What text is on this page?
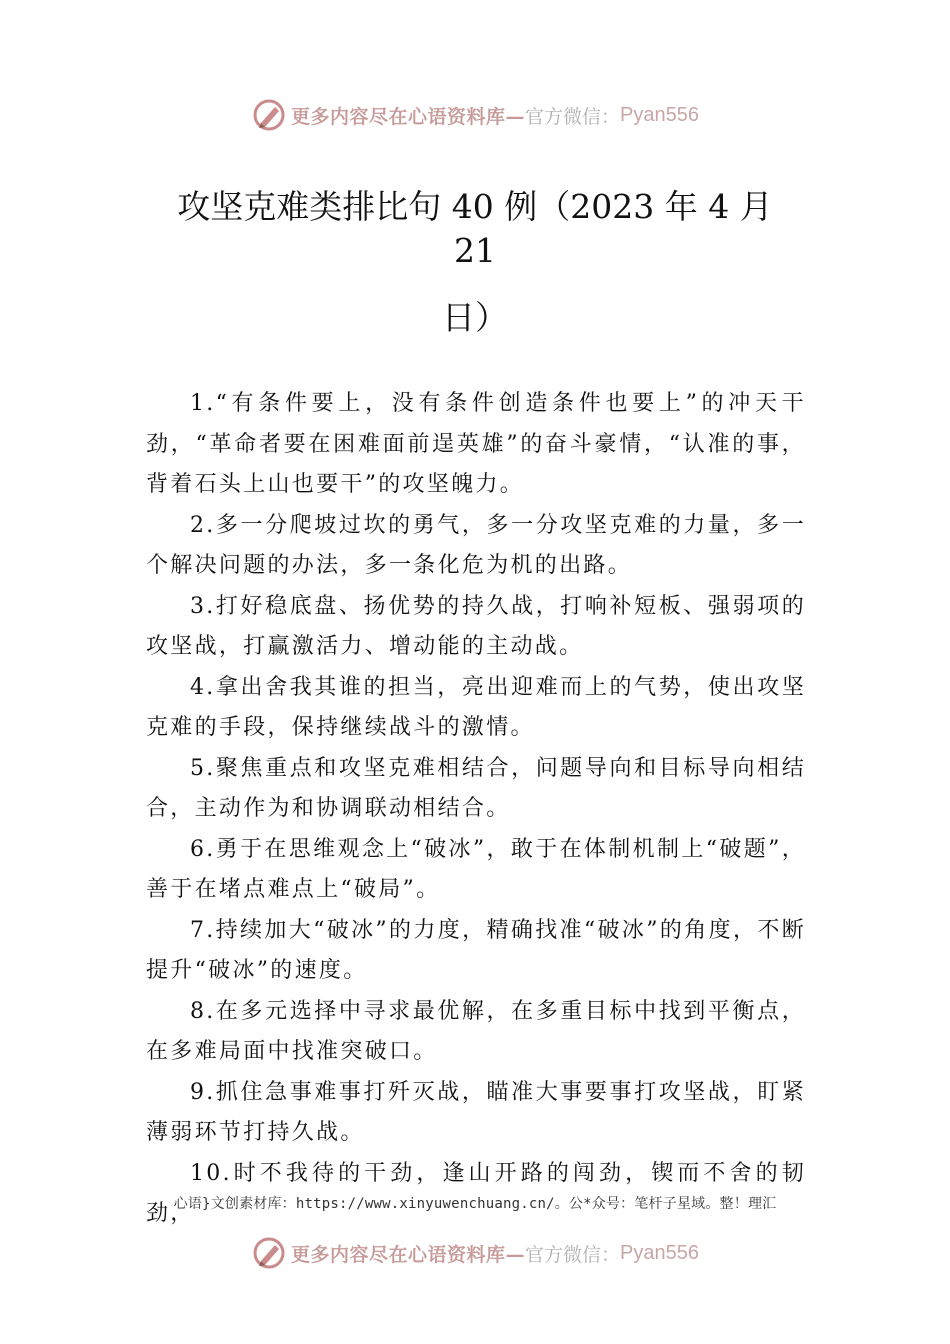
更多内容尽在心语资料库— 官方微信： Pyan556
攻坚克难类排比句 40 例（2023 年 4 月 21
日）

1.“有条件要上，没有条件创造条件也要上”的冲天干劲，“革命者要在困难面前逞英雄”的奋斗豪情，“认准的事，背着石头上山也要干”的攻坚魄力。

2.多一分爬坡过坎的勇气，多一分攻坚克难的力量，多一个解决问题的办法，多一条化危为机的出路。

3.打好稳底盘、扬优势的持久战，打响补短板、强弱项的攻坚战，打赢激活力、增动能的主动战。

4.拿出舍我其谁的担当，亮出迎难而上的气势，使出攻坚克难的手段，保持继续战斗的激情。

5.聚焦重点和攻坚克难相结合，问题导向和目标导向相结合，主动作为和协调联动相结合。

6.勇于在思维观念上“破冰”，敢于在体制机制上“破题”，善于在堵点难点上“破局”。

7.持续加大“破冰”的力度，精确找准“破冰”的角度，不断提升“破冰”的速度。

8.在多元选择中寻求最优解，在多重目标中找到平衡点，在多难局面中找准突破口。

9.抓住急事难事打歼灭战，瞄准大事要事打攻坚战，盯紧薄弱环节打持久战。

10.时不我待的干劲，逢山开路的闯劲，锲而不舍的韧劲，

心语}文创素材库：https://www.xinyuwenchuang.cn/。公*众号：笔杆子星域。整！理汇
更多内容尽在心语资料库— 官方微信： Pyan556
